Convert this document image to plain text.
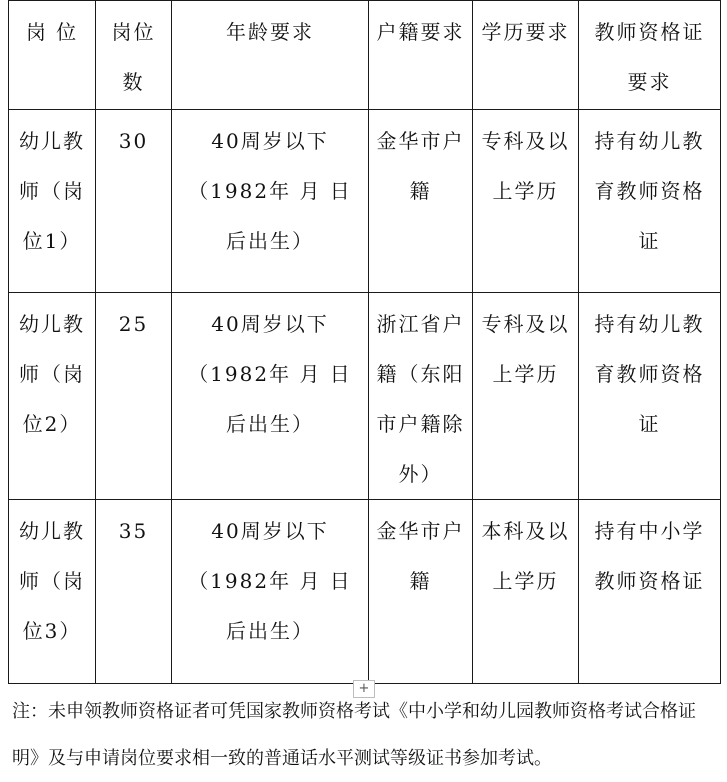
岗 位	岗位数	年龄要求	户籍要求	学历要求	教师资格证要求

幼儿教师（岗位1）	30	40周岁以下（1982年 月 日后出生）	金华市户籍	专科及以上学历	持有幼儿教育教师资格证

幼儿教师（岗位2）	25	40周岁以下（1982年 月 日后出生）	浙江省户籍（东阳市户籍除外）	专科及以上学历	持有幼儿教育教师资格证

幼儿教师（岗位3）	35	40周岁以下（1982年 月 日后出生）	金华市户籍	本科及以上学历	持有中小学教师资格证
+
注：未申领教师资格证者可凭国家教师资格考试《中小学和幼儿园教师资格考试合格证明》及与申请岗位要求相一致的普通话水平测试等级证书参加考试。
